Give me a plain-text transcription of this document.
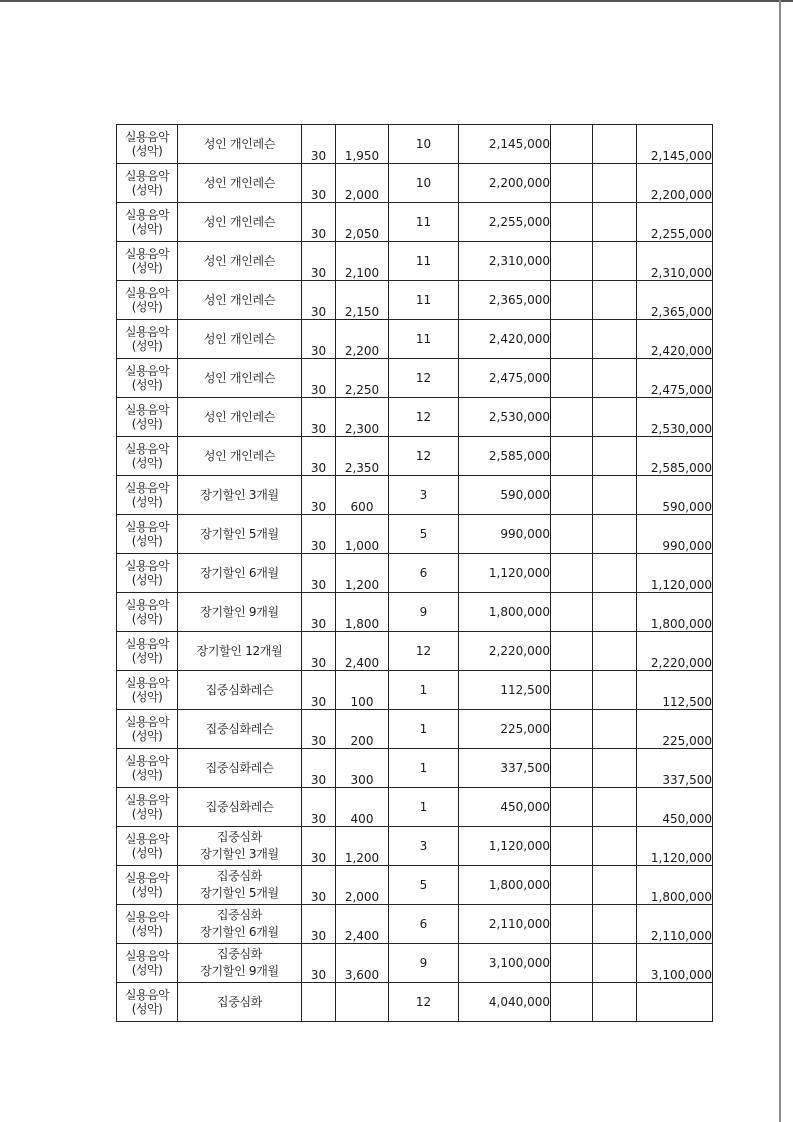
실용음악
(성악)	성인 개인레슨	30	1,950	10	2,145,000			2,145,000

실용음악
(성악)	성인 개인레슨	30	2,000	10	2,200,000			2,200,000

실용음악
(성악)	성인 개인레슨	30	2,050	11	2,255,000			2,255,000

실용음악
(성악)	성인 개인레슨	30	2,100	11	2,310,000			2,310,000

실용음악
(성악)	성인 개인레슨	30	2,150	11	2,365,000			2,365,000

실용음악
(성악)	성인 개인레슨	30	2,200	11	2,420,000			2,420,000

실용음악
(성악)	성인 개인레슨	30	2,250	12	2,475,000			2,475,000

실용음악
(성악)	성인 개인레슨	30	2,300	12	2,530,000			2,530,000

실용음악
(성악)	성인 개인레슨	30	2,350	12	2,585,000			2,585,000

실용음악
(성악)	장기할인 3개월	30	600	3	590,000			590,000

실용음악
(성악)	장기할인 5개월	30	1,000	5	990,000			990,000

실용음악
(성악)	장기할인 6개월	30	1,200	6	1,120,000			1,120,000

실용음악
(성악)	장기할인 9개월	30	1,800	9	1,800,000			1,800,000

실용음악
(성악)	장기할인 12개월	30	2,400	12	2,220,000			2,220,000

실용음악
(성악)	집중심화레슨	30	100	1	112,500			112,500

실용음악
(성악)	집중심화레슨	30	200	1	225,000			225,000

실용음악
(성악)	집중심화레슨	30	300	1	337,500			337,500

실용음악
(성악)	집중심화레슨	30	400	1	450,000			450,000

실용음악
(성악)	집중심화
장기할인 3개월	30	1,200	3	1,120,000			1,120,000

실용음악
(성악)	집중심화
장기할인 5개월	30	2,000	5	1,800,000			1,800,000

실용음악
(성악)	집중심화
장기할인 6개월	30	2,400	6	2,110,000			2,110,000

실용음악
(성악)	집중심화
장기할인 9개월	30	3,600	9	3,100,000			3,100,000

실용음악
(성악)	집중심화			12	4,040,000			
